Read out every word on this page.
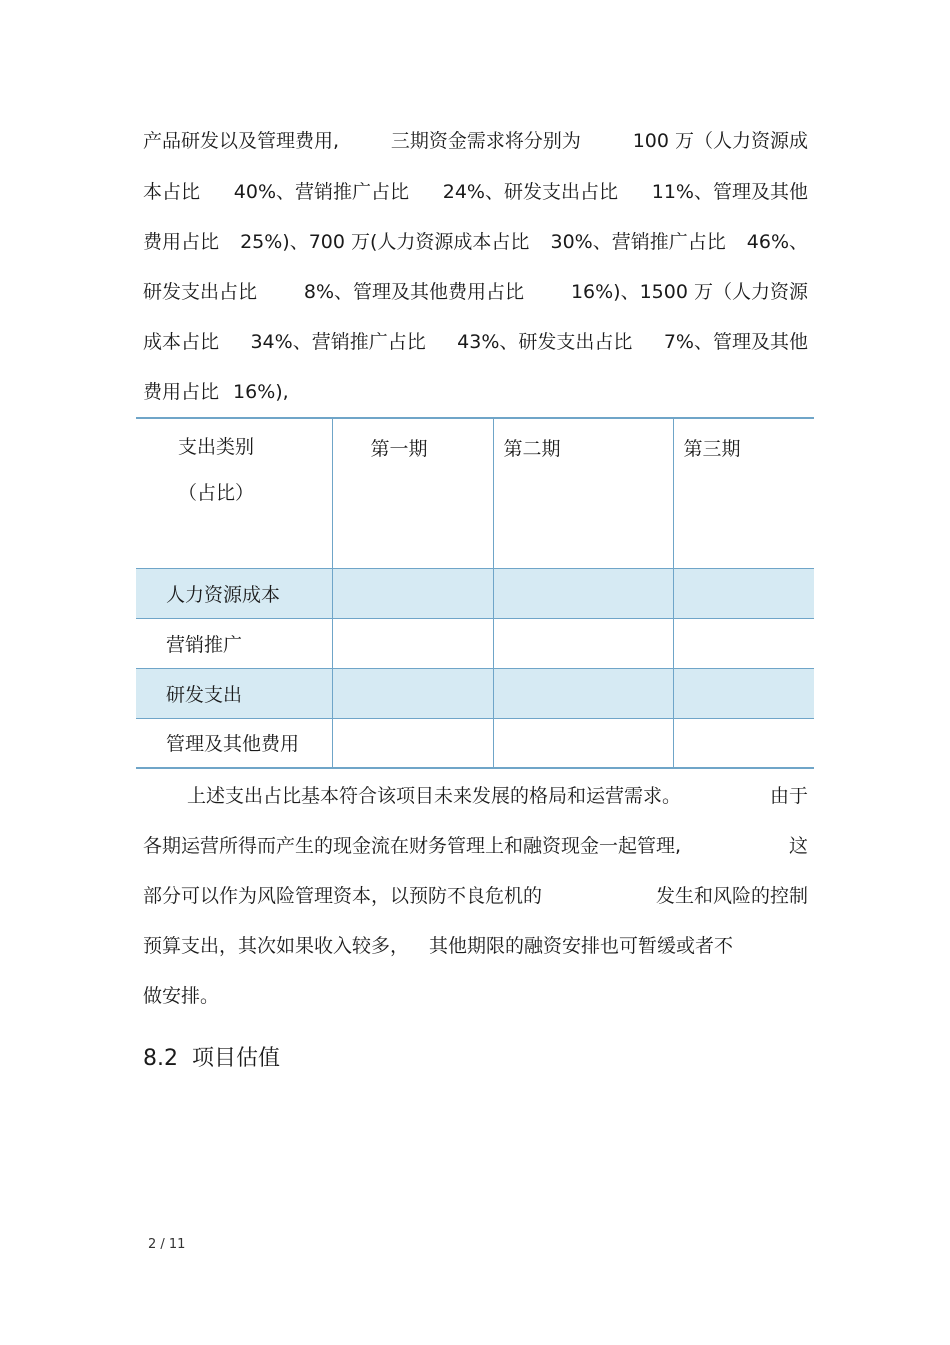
产品研发以及管理费用,	三期资金需求将分别为	100 万（人力资源成
本占比 40%、营销推广占比 24%、研发支出占比 11%、管理及其他
费用占比 25%)、700 万(人力资源成本占比 30%、营销推广占比 46%、
研发支出占比 8%、管理及其他费用占比 16%)、1500 万（人力资源
成本占比 34%、营销推广占比 43%、研发支出占比 7%、管理及其他
费用占比 16%),
支出类别
（占比）	第一期	第二期	第三期

人力资源成本			
营销推广			
研发支出			
管理及其他费用			
上述支出占比基本符合该项目未来发展的格局和运营需求。	由于
各期运营所得而产生的现金流在财务管理上和融资现金一起管理,	这
部分可以作为风险管理资本，以预防不良危机的	发生和风险的控制
预算支出，其次如果收入较多， 其他期限的融资安排也可暂缓或者不
做安排。
8.2  项目估值
2 / 11
